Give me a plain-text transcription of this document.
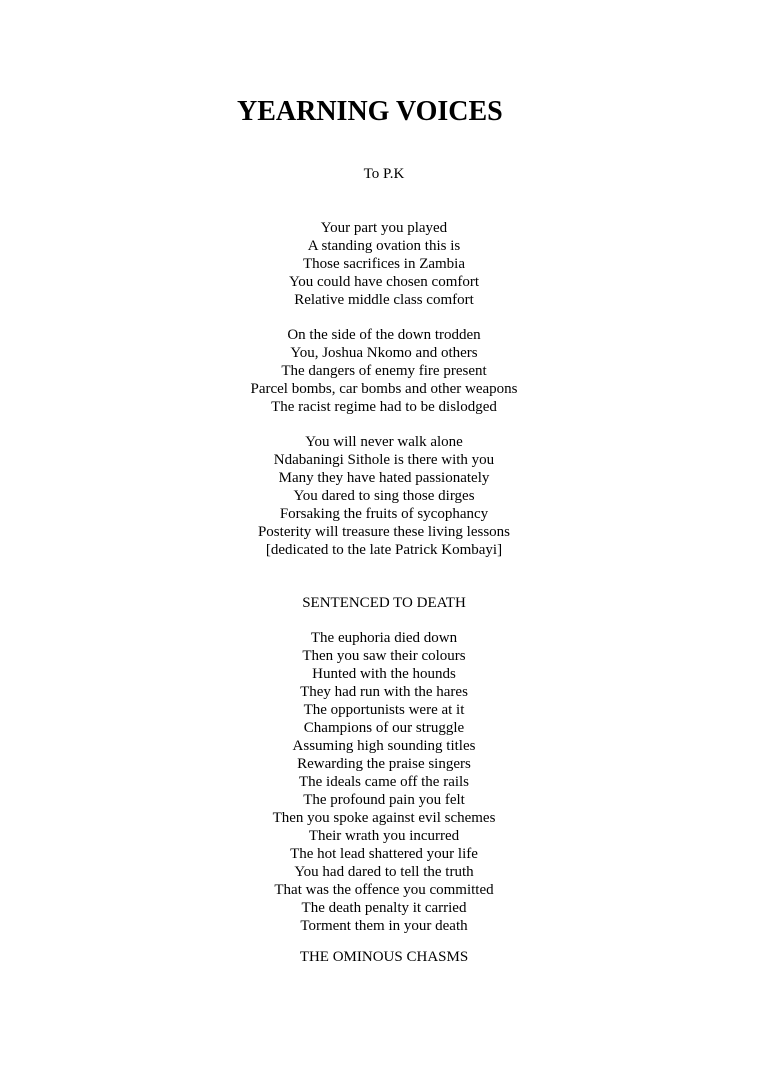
YEARNING VOICES
To P.K
Your part you played
A standing ovation this is
Those sacrifices in Zambia
You could have chosen comfort
Relative middle class comfort
On the side of the down trodden
You, Joshua Nkomo and others
The dangers of enemy fire present
Parcel bombs, car bombs and other weapons
The racist regime had to be dislodged
You will never walk alone
Ndabaningi Sithole is there with you
Many they have hated passionately
You dared to sing those dirges
Forsaking the fruits of sycophancy
Posterity will treasure these living lessons
[dedicated to the late Patrick Kombayi]
SENTENCED TO DEATH
The euphoria died down
Then you saw their colours
Hunted with the hounds
They had run with the hares
The opportunists were at it
Champions of our struggle
Assuming high sounding titles
Rewarding the praise singers
The ideals came off the rails
The profound pain you felt
Then you spoke against evil schemes
Their wrath you incurred
The hot lead shattered your life
You had dared to tell the truth
That was the offence you committed
The death penalty it carried
Torment them in your death
THE OMINOUS CHASMS
